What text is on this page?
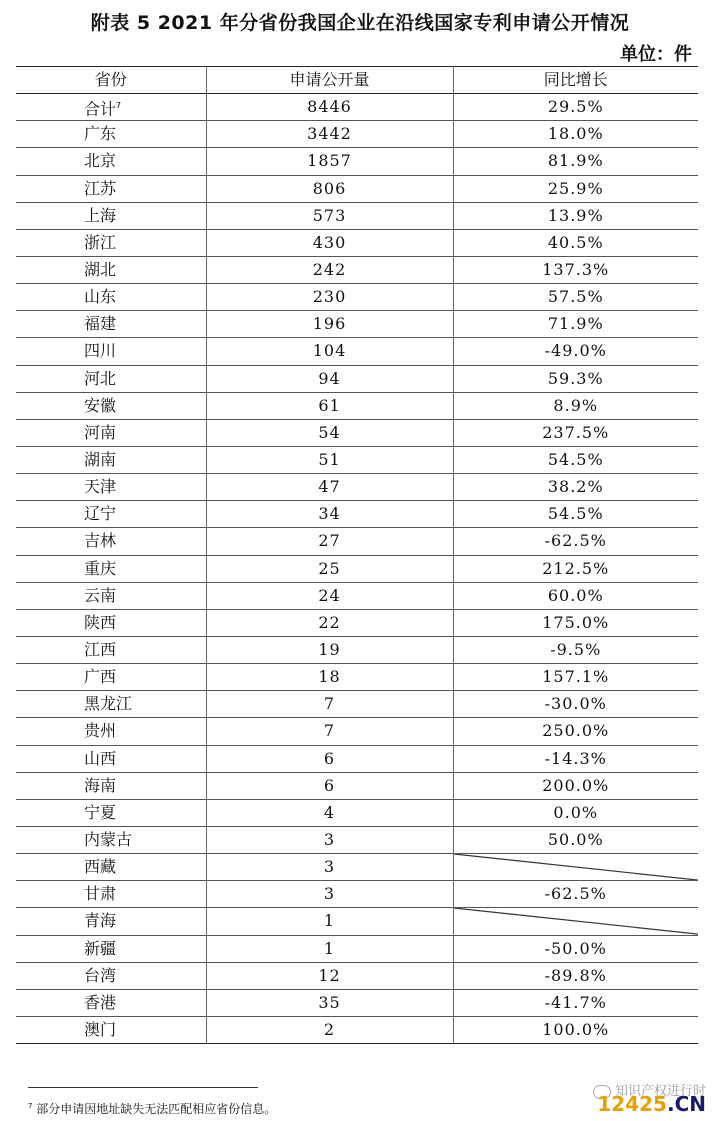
附表 5 2021 年分省份我国企业在沿线国家专利申请公开情况
单位：件
省份	申请公开量	同比增长
合计$^7$	8446	29.5%
广东	3442	18.0%
北京	1857	81.9%
江苏	806	25.9%
上海	573	13.9%
浙江	430	40.5%
湖北	242	137.3%
山东	230	57.5%
福建	196	71.9%
四川	104	-49.0%
河北	94	59.3%
安徽	61	8.9%
河南	54	237.5%
湖南	51	54.5%
天津	47	38.2%
辽宁	34	54.5%
吉林	27	-62.5%
重庆	25	212.5%
云南	24	60.0%
陕西	22	175.0%
江西	19	-9.5%
广西	18	157.1%
黑龙江	7	-30.0%
贵州	7	250.0%
山西	6	-14.3%
海南	6	200.0%
宁夏	4	0.0%
内蒙古	3	50.0%
西藏	3	

甘肃	3	-62.5%
青海	1	

新疆	1	-50.0%
台湾	12	-89.8%
香港	35	-41.7%
澳门	2	100.0%
$^7$ 部分申请因地址缺失无法匹配相应省份信息。
知识产权进行时
12425.CN
